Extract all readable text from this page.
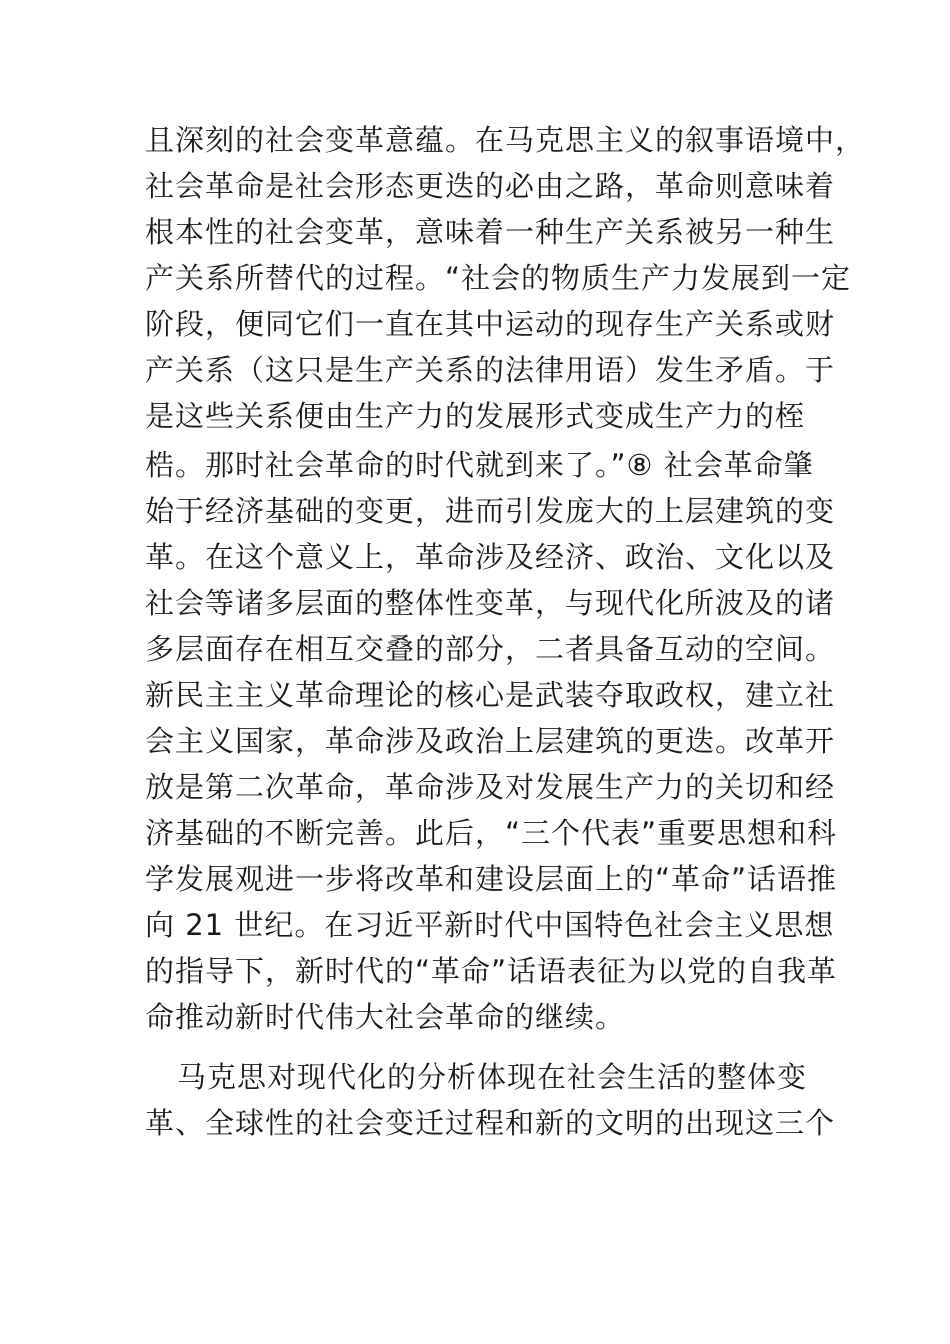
且深刻的社会变革意蕴。在马克思主义的叙事语境中，
社会革命是社会形态更迭的必由之路，革命则意味着
根本性的社会变革，意味着一种生产关系被另一种生
产关系所替代的过程。“社会的物质生产力发展到一定
阶段，便同它们一直在其中运动的现存生产关系或财
产关系（这只是生产关系的法律用语）发生矛盾。于
是这些关系便由生产力的发展形式变成生产力的桎
梏。那时社会革命的时代就到来了。”⑧ 社会革命肇
始于经济基础的变更，进而引发庞大的上层建筑的变
革。在这个意义上，革命涉及经济、政治、文化以及
社会等诸多层面的整体性变革，与现代化所波及的诸
多层面存在相互交叠的部分，二者具备互动的空间。
新民主主义革命理论的核心是武装夺取政权，建立社
会主义国家，革命涉及政治上层建筑的更迭。改革开
放是第二次革命，革命涉及对发展生产力的关切和经
济基础的不断完善。此后，“三个代表”重要思想和科
学发展观进一步将改革和建设层面上的“革命”话语推
向 21 世纪。在习近平新时代中国特色社会主义思想
的指导下，新时代的“革命”话语表征为以党的自我革
命推动新时代伟大社会革命的继续。
马克思对现代化的分析体现在社会生活的整体变
革、全球性的社会变迁过程和新的文明的出现这三个
